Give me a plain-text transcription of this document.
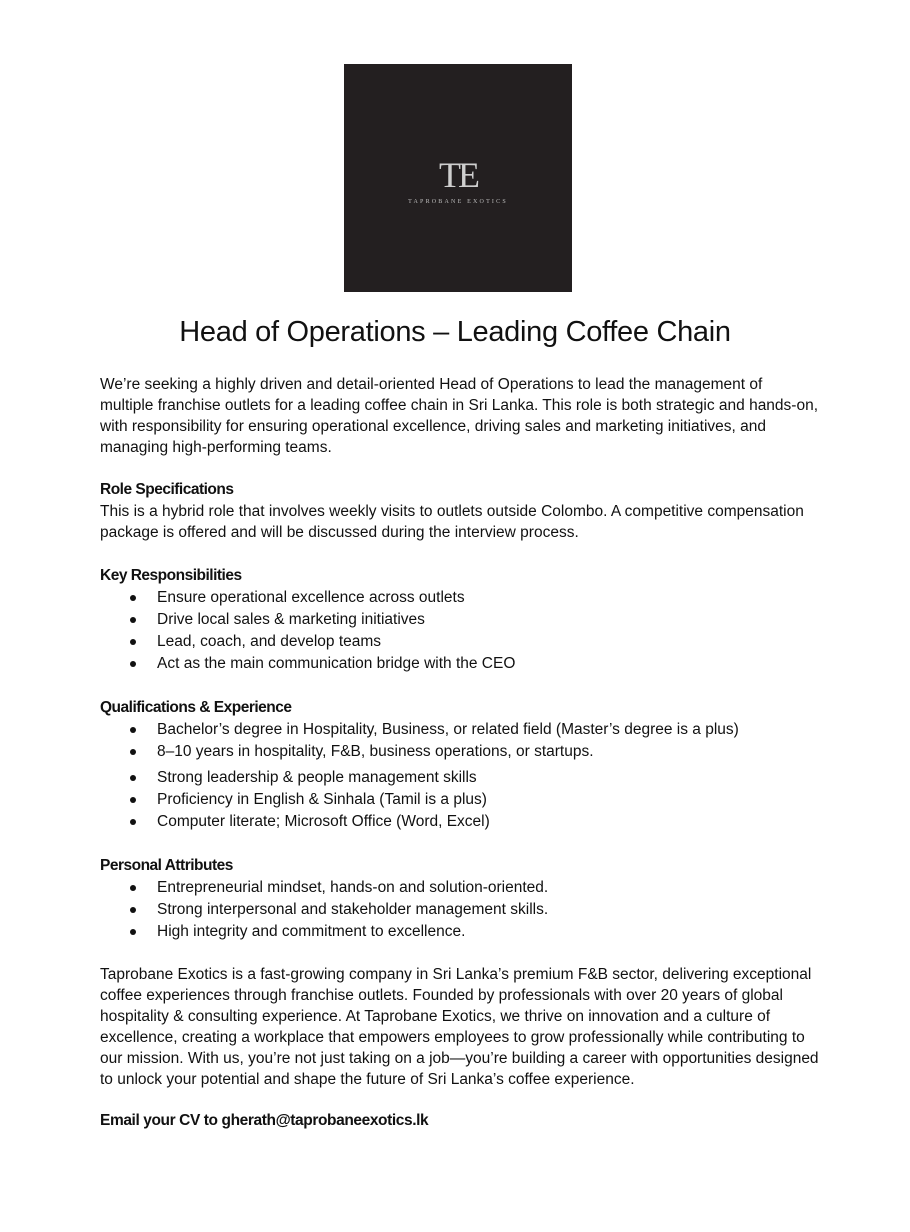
TE
TAPROBANE EXOTICS
Head of Operations – Leading Coffee Chain

We’re seeking a highly driven and detail-oriented Head of Operations to lead the management of multiple franchise outlets for a leading coffee chain in Sri Lanka. This role is both strategic and hands-on, with responsibility for ensuring operational excellence, driving sales and marketing initiatives, and managing high-performing teams.

Role Specifications

This is a hybrid role that involves weekly visits to outlets outside Colombo. A competitive compensation package is offered and will be discussed during the interview process.

Key Responsibilities
Ensure operational excellence across outlets
Drive local sales & marketing initiatives
Lead, coach, and develop teams
Act as the main communication bridge with the CEO
Qualifications & Experience
Bachelor’s degree in Hospitality, Business, or related field (Master’s degree is a plus)
8–10 years in hospitality, F&B, business operations, or startups.
Strong leadership & people management skills
Proficiency in English & Sinhala (Tamil is a plus)
Computer literate; Microsoft Office (Word, Excel)
Personal Attributes
Entrepreneurial mindset, hands-on and solution-oriented.
Strong interpersonal and stakeholder management skills.
High integrity and commitment to excellence.

Taprobane Exotics is a fast-growing company in Sri Lanka’s premium F&B sector, delivering exceptional coffee experiences through franchise outlets. Founded by professionals with over 20 years of global hospitality & consulting experience. At Taprobane Exotics, we thrive on innovation and a culture of excellence, creating a workplace that empowers employees to grow professionally while contributing to our mission. With us, you’re not just taking on a job—you’re building a career with opportunities designed to unlock your potential and shape the future of Sri Lanka’s coffee experience.

Email your CV to gherath@taprobaneexotics.lk
